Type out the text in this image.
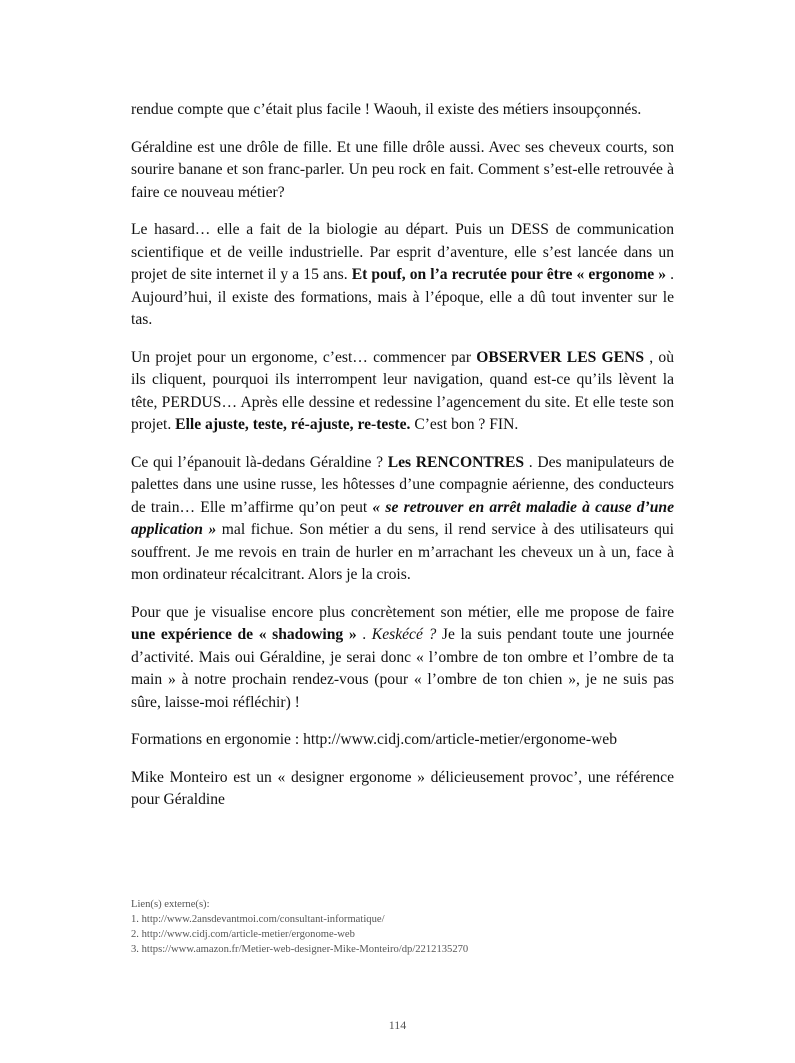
rendue compte que c’était plus facile ! Waouh, il existe des métiers insoupçonnés.

Géraldine est une drôle de fille. Et une fille drôle aussi. Avec ses cheveux courts, son sourire banane et son franc-parler. Un peu rock en fait. Comment s’est-elle retrouvée à faire ce nouveau métier?

Le hasard… elle a fait de la biologie au départ. Puis un DESS de communication scientifique et de veille industrielle. Par esprit d’aventure, elle s’est lancée dans un projet de site internet il y a 15 ans. Et pouf, on l’a recrutée pour être « ergonome » . Aujourd’hui, il existe des formations, mais à l’époque, elle a dû tout inventer sur le tas.

Un projet pour un ergonome, c’est… commencer par OBSERVER LES GENS , où ils cliquent, pourquoi ils interrompent leur navigation, quand est-ce qu’ils lèvent la tête, PERDUS… Après elle dessine et redessine l’agencement du site. Et elle teste son projet. Elle ajuste, teste, ré-ajuste, re-teste. C’est bon ? FIN.

Ce qui l’épanouit là-dedans Géraldine ? Les RENCONTRES . Des manipulateurs de palettes dans une usine russe, les hôtesses d’une compagnie aérienne, des conducteurs de train… Elle m’affirme qu’on peut « se retrouver en arrêt maladie à cause d’une application » mal fichue. Son métier a du sens, il rend service à des utilisateurs qui souffrent. Je me revois en train de hurler en m’arrachant les cheveux un à un, face à mon ordinateur récalcitrant. Alors je la crois.

Pour que je visualise encore plus concrètement son métier, elle me propose de faire une expérience de « shadowing » . Keskécé ? Je la suis pendant toute une journée d’activité. Mais oui Géraldine, je serai donc « l’ombre de ton ombre et l’ombre de ta main » à notre prochain rendez-vous (pour « l’ombre de ton chien », je ne suis pas sûre, laisse-moi réfléchir) !

Formations en ergonomie : http://www.cidj.com/article-metier/ergonome-web

Mike Monteiro est un « designer ergonome » délicieusement provoc’, une référence pour Géraldine

Lien(s) externe(s):
1. http://www.2ansdevantmoi.com/consultant-informatique/
2. http://www.cidj.com/article-metier/ergonome-web
3. https://www.amazon.fr/Metier-web-designer-Mike-Monteiro/dp/2212135270
114
